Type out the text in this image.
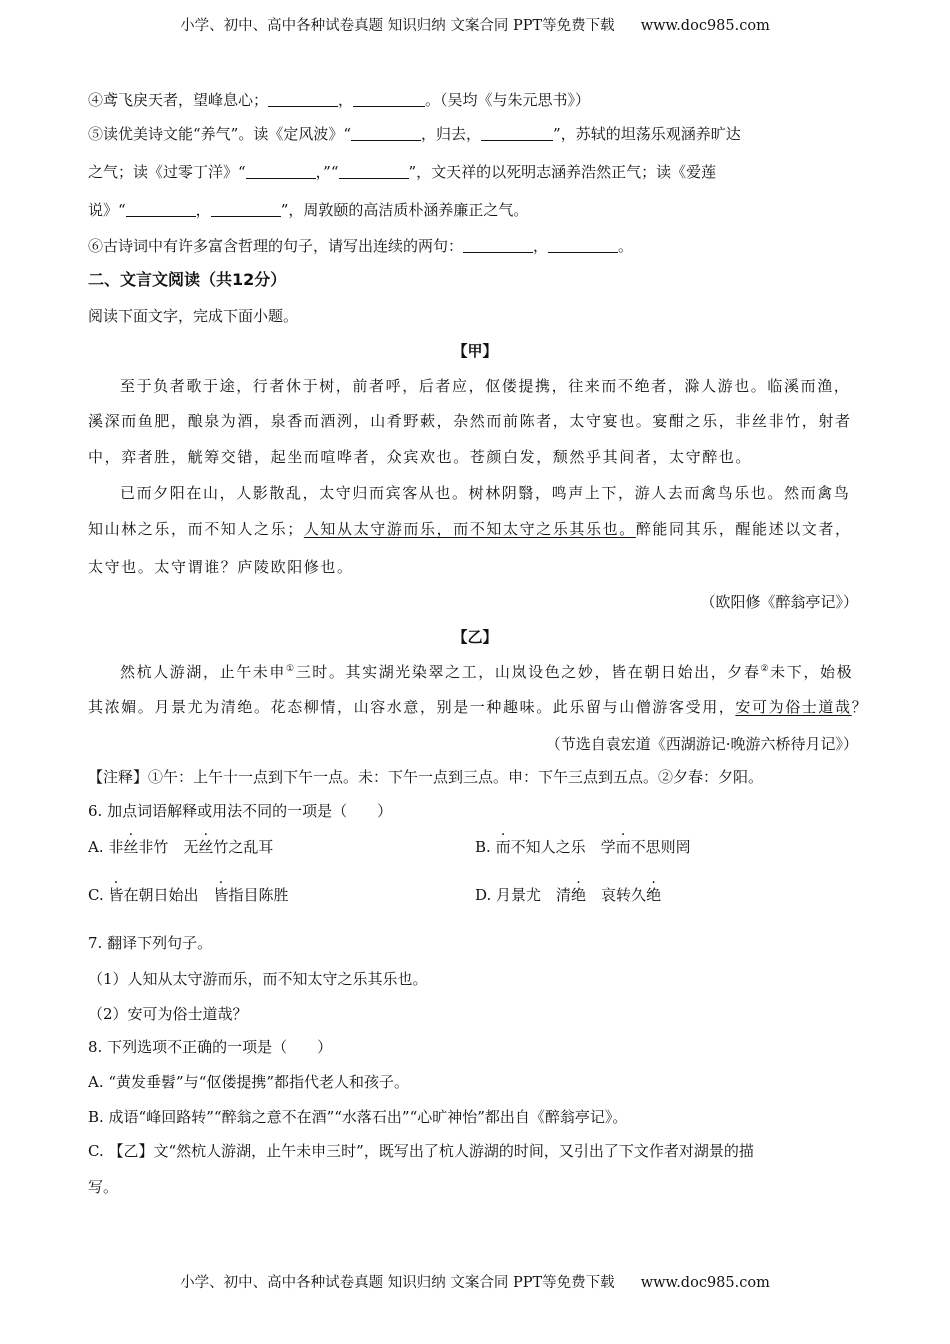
小学、初中、高中各种试卷真题 知识归纳 文案合同 PPT等免费下载 www.doc985.com
④鸢飞戾天者，望峰息心；	，	。（吴均《与朱元思书》）
⑤读优美诗文能“养气”。读《定风波》“	，归去，	”，苏轼的坦荡乐观涵养旷达
之气；读《过零丁洋》“	，”“	”，文天祥的以死明志涵养浩然正气；读《爱莲
说》“	，	”，周敦颐的高洁质朴涵养廉正之气。
⑥古诗词中有许多富含哲理的句子，请写出连续的两句：	，	。
二、文言文阅读（共12分）
阅读下面文字，完成下面小题。
【甲】
至于负者歌于途，行者休于树，前者呼，后者应，伛偻提携，往来而不绝者，滁人游也。临溪而渔，
溪深而鱼肥，酿泉为酒，泉香而酒洌，山肴野蔌，杂然而前陈者，太守宴也。宴酣之乐，非丝非竹，射者
中，弈者胜，觥筹交错，起坐而喧哗者，众宾欢也。苍颜白发，颓然乎其间者，太守醉也。
已而夕阳在山，人影散乱，太守归而宾客从也。树林阴翳，鸣声上下，游人去而禽鸟乐也。然而禽鸟
知山林之乐，而不知人之乐；人知从太守游而乐，而不知太守之乐其乐也。醉能同其乐，醒能述以文者，
太守也。太守谓谁？庐陵欧阳修也。
（欧阳修《醉翁亭记》）
【乙】
然杭人游湖，止午未申①三时。其实湖光染翠之工，山岚设色之妙，皆在朝日始出，夕春②未下，始极
其浓媚。月景尤为清绝。花态柳情，山容水意，别是一种趣味。此乐留与山僧游客受用，安可为俗士道哉？
（节选自袁宏道《西湖游记·晚游六桥待月记》）
【注释】①午：上午十一点到下午一点。未：下午一点到三点。申：下午三点到五点。②夕春：夕阳。
6. 加点词语解释或用法不同的一项是（　　）
A. 非丝非竹　无丝竹之乱耳	B. 而不知人之乐　学而不思则罔
C. 皆在朝日始出　皆指目陈胜	D. 月景尤　清绝　哀转久绝
7. 翻译下列句子。
（1）人知从太守游而乐，而不知太守之乐其乐也。
（2）安可为俗士道哉？
8. 下列选项不正确的一项是（　　）
A. “黄发垂髫”与“伛偻提携”都指代老人和孩子。
B. 成语“峰回路转”“醉翁之意不在酒”“水落石出”“心旷神怡”都出自《醉翁亭记》。
C. 【乙】文“然杭人游湖，止午未申三时”，既写出了杭人游湖的时间，又引出了下文作者对湖景的描
写。
小学、初中、高中各种试卷真题 知识归纳 文案合同 PPT等免费下载 www.doc985.com
